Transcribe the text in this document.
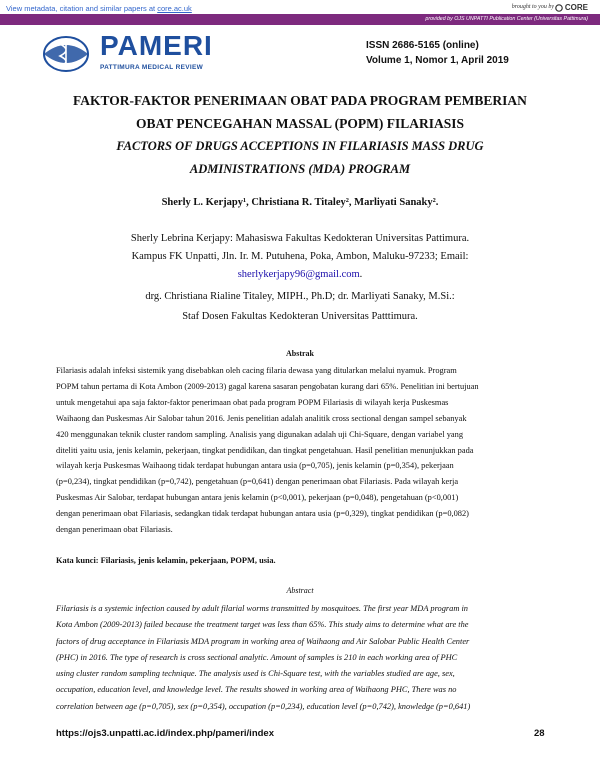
View metadata, citation and similar papers at core.ac.uk	brought to you by	CORE
provided by OJS UNPATTI Publication Center (Universitas Pattimura)
PAMERI
PATTIMURA MEDICAL REVIEW
ISSN 2686-5165 (online)
Volume 1, Nomor 1, April 2019
FAKTOR-FAKTOR PENERIMAAN OBAT PADA PROGRAM PEMBERIAN
OBAT PENCEGAHAN MASSAL (POPM) FILARIASIS
FACTORS OF DRUGS ACCEPTIONS IN FILARIASIS MASS DRUG
ADMINISTRATIONS (MDA) PROGRAM
Sherly L. Kerjapy¹, Christiana R. Titaley², Marliyati Sanaky².
Sherly Lebrina Kerjapy: Mahasiswa Fakultas Kedokteran Universitas Pattimura.
Kampus FK Unpatti, Jln. Ir. M. Putuhena, Poka, Ambon, Maluku-97233; Email:
sherlykerjapy96@gmail.com.
drg. Christiana Rialine Titaley, MIPH., Ph.D; dr. Marliyati Sanaky, M.Si.:
Staf Dosen Fakultas Kedokteran Universitas Patttimura.
Abstrak
Filariasis adalah infeksi sistemik yang disebabkan oleh cacing filaria dewasa yang ditularkan melalui nyamuk. Program
POPM tahun pertama di Kota Ambon (2009-2013) gagal karena sasaran pengobatan kurang dari 65%. Penelitian ini bertujuan
untuk mengetahui apa saja faktor-faktor penerimaan obat pada program POPM Filariasis di wilayah kerja Puskesmas
Waihaong dan Puskesmas Air Salobar tahun 2016. Jenis penelitian adalah analitik cross sectional dengan sampel sebanyak
420 menggunakan teknik cluster random sampling. Analisis yang digunakan adalah uji Chi-Square, dengan variabel yang
diteliti yaitu usia, jenis kelamin, pekerjaan, tingkat pendidikan, dan tingkat pengetahuan. Hasil penelitian menunjukkan pada
wilayah kerja Puskesmas Waihaong tidak terdapat hubungan antara usia (p=0,705), jenis kelamin (p=0,354), pekerjaan
(p=0,234), tingkat pendidikan (p=0,742), pengetahuan (p=0,641) dengan penerimaan obat Filariasis. Pada wilayah kerja
Puskesmas Air Salobar, terdapat hubungan antara jenis kelamin (p<0,001), pekerjaan (p=0,048), pengetahuan (p<0,001)
dengan penerimaan obat Filariasis, sedangkan tidak terdapat hubungan antara usia (p=0,329), tingkat pendidikan (p=0,082)
dengan penerimaan obat Filariasis.
Kata kunci: Filariasis, jenis kelamin, pekerjaan, POPM, usia.
Abstract
Filariasis is a systemic infection caused by adult filarial worms transmitted by mosquitoes. The first year MDA program in
Kota Ambon (2009-2013) failed because the treatment target was less than 65%. This study aims to determine what are the
factors of drug acceptance in Filariasis MDA program in working area of Waihaong and Air Salobar Public Health Center
(PHC) in 2016. The type of research is cross sectional analytic. Amount of samples is 210 in each working area of PHC
using cluster random sampling technique. The analysis used is Chi-Square test, with the variables studied are age, sex,
occupation, education level, and knowledge level. The results showed in working area of Waihaong PHC, There was no
correlation between age (p=0,705), sex (p=0,354), occupation (p=0,234), education level (p=0,742), knowledge (p=0,641)
https://ojs3.unpatti.ac.id/index.php/pameri/index	28
